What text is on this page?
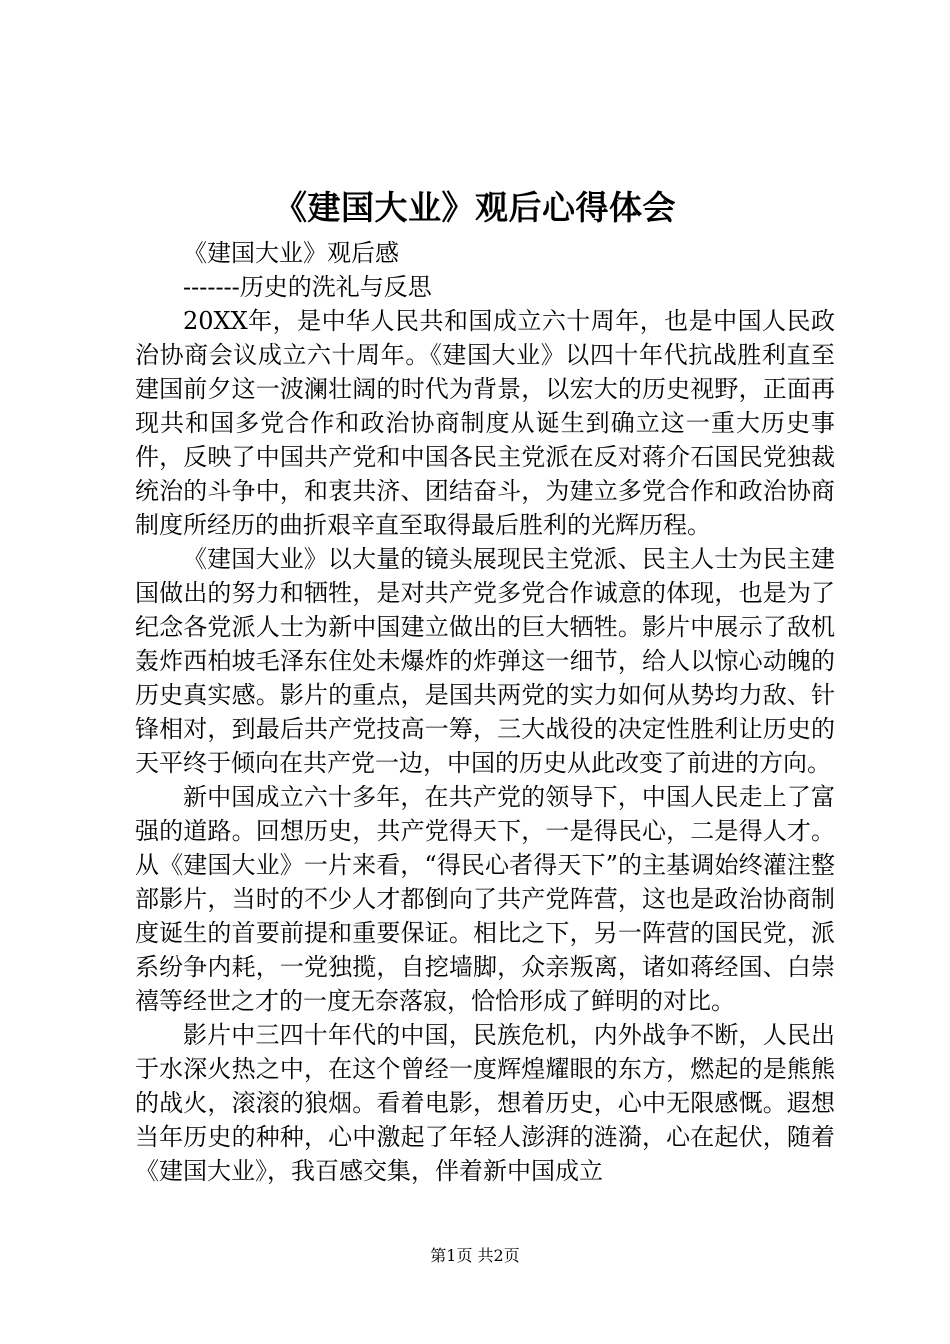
《建国大业》观后心得体会

《建国大业》观后感

-------历史的洗礼与反思

20XX年，是中华人民共和国成立六十周年，也是中国人民政治协商会议成立六十周年。《建国大业》以四十年代抗战胜利直至建国前夕这一波澜壮阔的时代为背景，以宏大的历史视野，正面再现共和国多党合作和政治协商制度从诞生到确立这一重大历史事件，反映了中国共产党和中国各民主党派在反对蒋介石国民党独裁统治的斗争中，和衷共济、团结奋斗，为建立多党合作和政治协商制度所经历的曲折艰辛直至取得最后胜利的光辉历程。

《建国大业》以大量的镜头展现民主党派、民主人士为民主建国做出的努力和牺牲，是对共产党多党合作诚意的体现，也是为了纪念各党派人士为新中国建立做出的巨大牺牲。影片中展示了敌机轰炸西柏坡毛泽东住处未爆炸的炸弹这一细节，给人以惊心动魄的历史真实感。影片的重点，是国共两党的实力如何从势均力敌、针锋相对，到最后共产党技高一筹，三大战役的决定性胜利让历史的天平终于倾向在共产党一边，中国的历史从此改变了前进的方向。

新中国成立六十多年，在共产党的领导下，中国人民走上了富强的道路。回想历史，共产党得天下，一是得民心，二是得人才。从《建国大业》一片来看，“得民心者得天下”的主基调始终灌注整部影片，当时的不少人才都倒向了共产党阵营，这也是政治协商制度诞生的首要前提和重要保证。相比之下，另一阵营的国民党，派系纷争内耗，一党独揽，自挖墙脚，众亲叛离，诸如蒋经国、白崇禧等经世之才的一度无奈落寂，恰恰形成了鲜明的对比。

影片中三四十年代的中国，民族危机，内外战争不断，人民出于水深火热之中，在这个曾经一度辉煌耀眼的东方，燃起的是熊熊的战火，滚滚的狼烟。看着电影，想着历史，心中无限感慨。遐想当年历史的种种，心中激起了年轻人澎湃的涟漪，心在起伏，随着《建国大业》，我百感交集，伴着新中国成立

第1页 共2页
